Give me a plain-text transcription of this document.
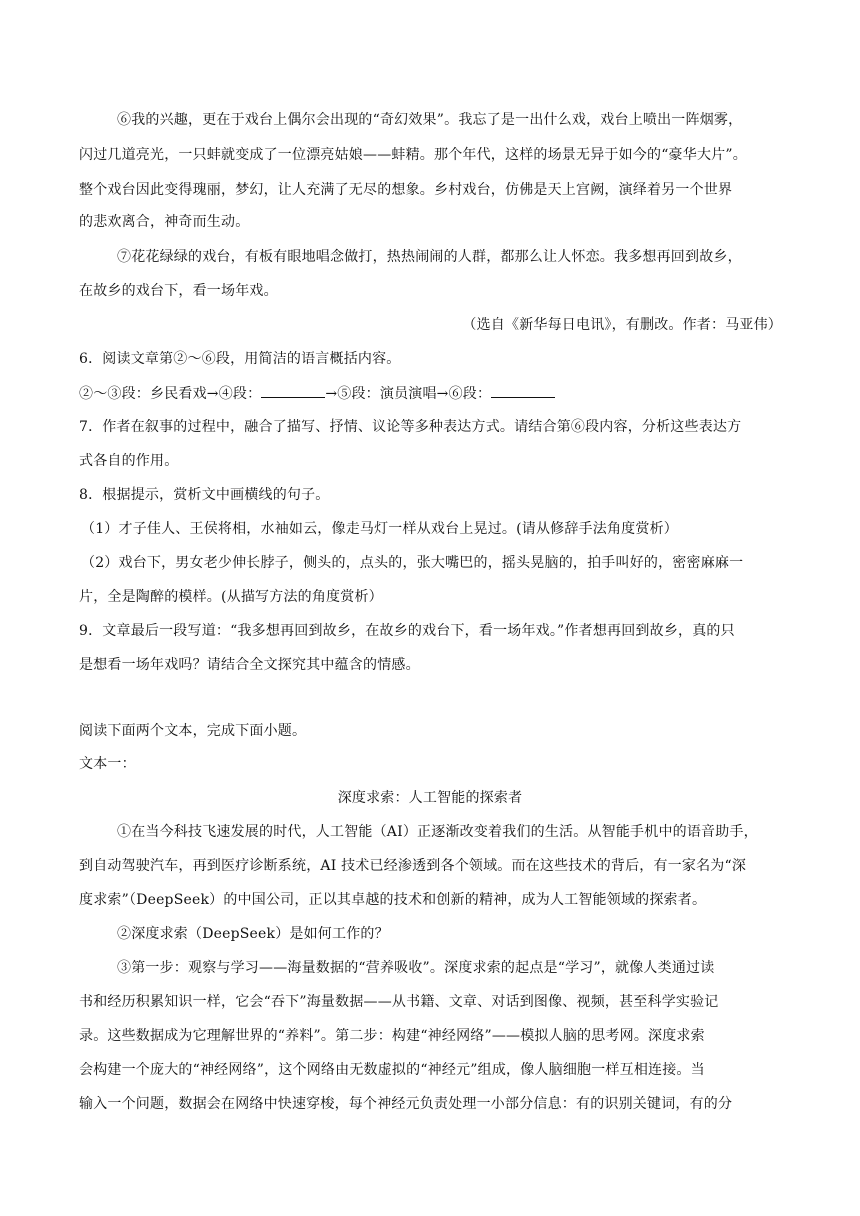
⑥我的兴趣，更在于戏台上偶尔会出现的“奇幻效果”。我忘了是一出什么戏，戏台上喷出一阵烟雾，
闪过几道亮光，一只蚌就变成了一位漂亮姑娘——蚌精。那个年代，这样的场景无异于如今的“豪华大片”。
整个戏台因此变得瑰丽，梦幻，让人充满了无尽的想象。乡村戏台，仿佛是天上宫阙，演绎着另一个世界
的悲欢离合，神奇而生动。
⑦花花绿绿的戏台，有板有眼地唱念做打，热热闹闹的人群，都那么让人怀恋。我多想再回到故乡，
在故乡的戏台下，看一场年戏。
（选自《新华每日电讯》，有删改。作者：马亚伟）
6．阅读文章第②～⑥段，用简洁的语言概括内容。
②～③段：乡民看戏→④段：	→⑤段：演员演唱→⑥段：
7．作者在叙事的过程中，融合了描写、抒情、议论等多种表达方式。请结合第⑥段内容，分析这些表达方
式各自的作用。
8．根据提示，赏析文中画横线的句子。
（1）才子佳人、王侯将相，水袖如云，像走马灯一样从戏台上晃过。(请从修辞手法角度赏析）
（2）戏台下，男女老少伸长脖子，侧头的，点头的，张大嘴巴的，摇头晃脑的，拍手叫好的，密密麻麻一
片，全是陶醉的模样。(从描写方法的角度赏析）
9．文章最后一段写道：“我多想再回到故乡，在故乡的戏台下，看一场年戏。”作者想再回到故乡，真的只
是想看一场年戏吗？请结合全文探究其中蕴含的情感。
阅读下面两个文本，完成下面小题。
文本一：
深度求索：人工智能的探索者
①在当今科技飞速发展的时代，人工智能（AI）正逐渐改变着我们的生活。从智能手机中的语音助手，
到自动驾驶汽车，再到医疗诊断系统，AI 技术已经渗透到各个领域。而在这些技术的背后，有一家名为“深
度求索”（DeepSeek）的中国公司，正以其卓越的技术和创新的精神，成为人工智能领域的探索者。
②深度求索（DeepSeek）是如何工作的？
③第一步：观察与学习——海量数据的“营养吸收”。深度求索的起点是“学习”，就像人类通过读
书和经历积累知识一样，它会“吞下”海量数据——从书籍、文章、对话到图像、视频，甚至科学实验记
录。这些数据成为它理解世界的“养料”。第二步：构建“神经网络”——模拟人脑的思考网。深度求索
会构建一个庞大的“神经网络”，这个网络由无数虚拟的“神经元”组成，像人脑细胞一样互相连接。当
输入一个问题，数据会在网络中快速穿梭，每个神经元负责处理一小部分信息：有的识别关键词，有的分
